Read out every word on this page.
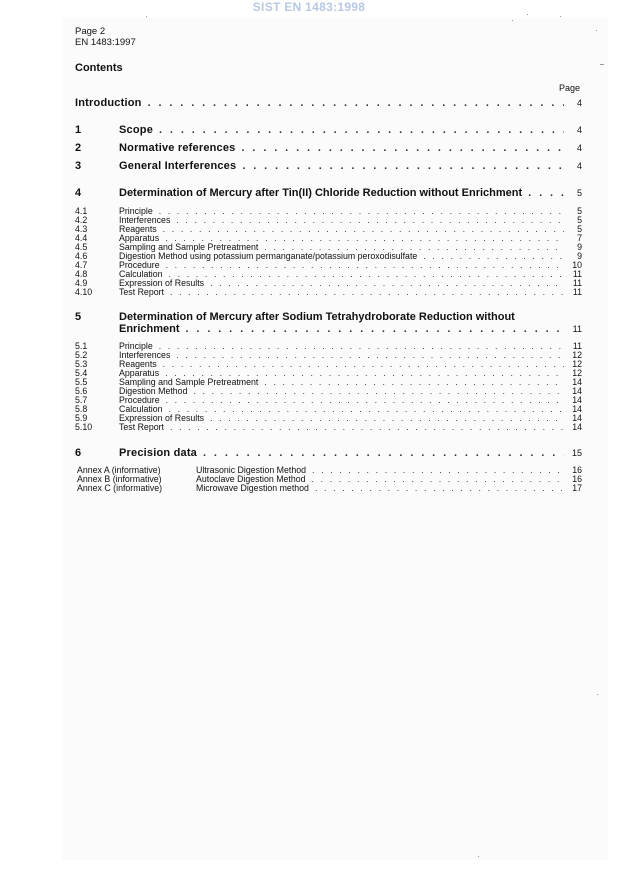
SIST EN 1483:1998
Page 2
EN 1483:1997
Contents
Page
Introduction . . .	4
1	Scope . . .	4
2	Normative references . . .	4
3	General Interferences . . .	4
4	Determination of Mercury after Tin(II) Chloride Reduction without Enrichment . . .	5
4.1	Principle . . .	5
4.2	Interferences . . .	5
4.3	Reagents . . .	5
4.4	Apparatus . . .	7
4.5	Sampling and Sample Pretreatment . . .	9
4.6	Digestion Method using potassium permanganate/potassium peroxodisulfate . . .	9
4.7	Procedure . . .	10
4.8	Calculation . . .	11
4.9	Expression of Results . . .	11
4.10	Test Report . . .	11
5	Determination of Mercury after Sodium Tetrahydroborate Reduction without
Enrichment . . .	11
5.1	Principle . . .	11
5.2	Interferences . . .	12
5.3	Reagents . . .	12
5.4	Apparatus . . .	12
5.5	Sampling and Sample Pretreatment . . .	14
5.6	Digestion Method . . .	14
5.7	Procedure . . .	14
5.8	Calculation . . .	14
5.9	Expression of Results . . .	14
5.10	Test Report . . .	14
6	Precision data . . .	15
Annex A (informative)	Ultrasonic Digestion Method . . .	16
Annex B (informative)	Autoclave Digestion Method . . .	16
Annex C (informative)	Microwave Digestion method . . .	17
